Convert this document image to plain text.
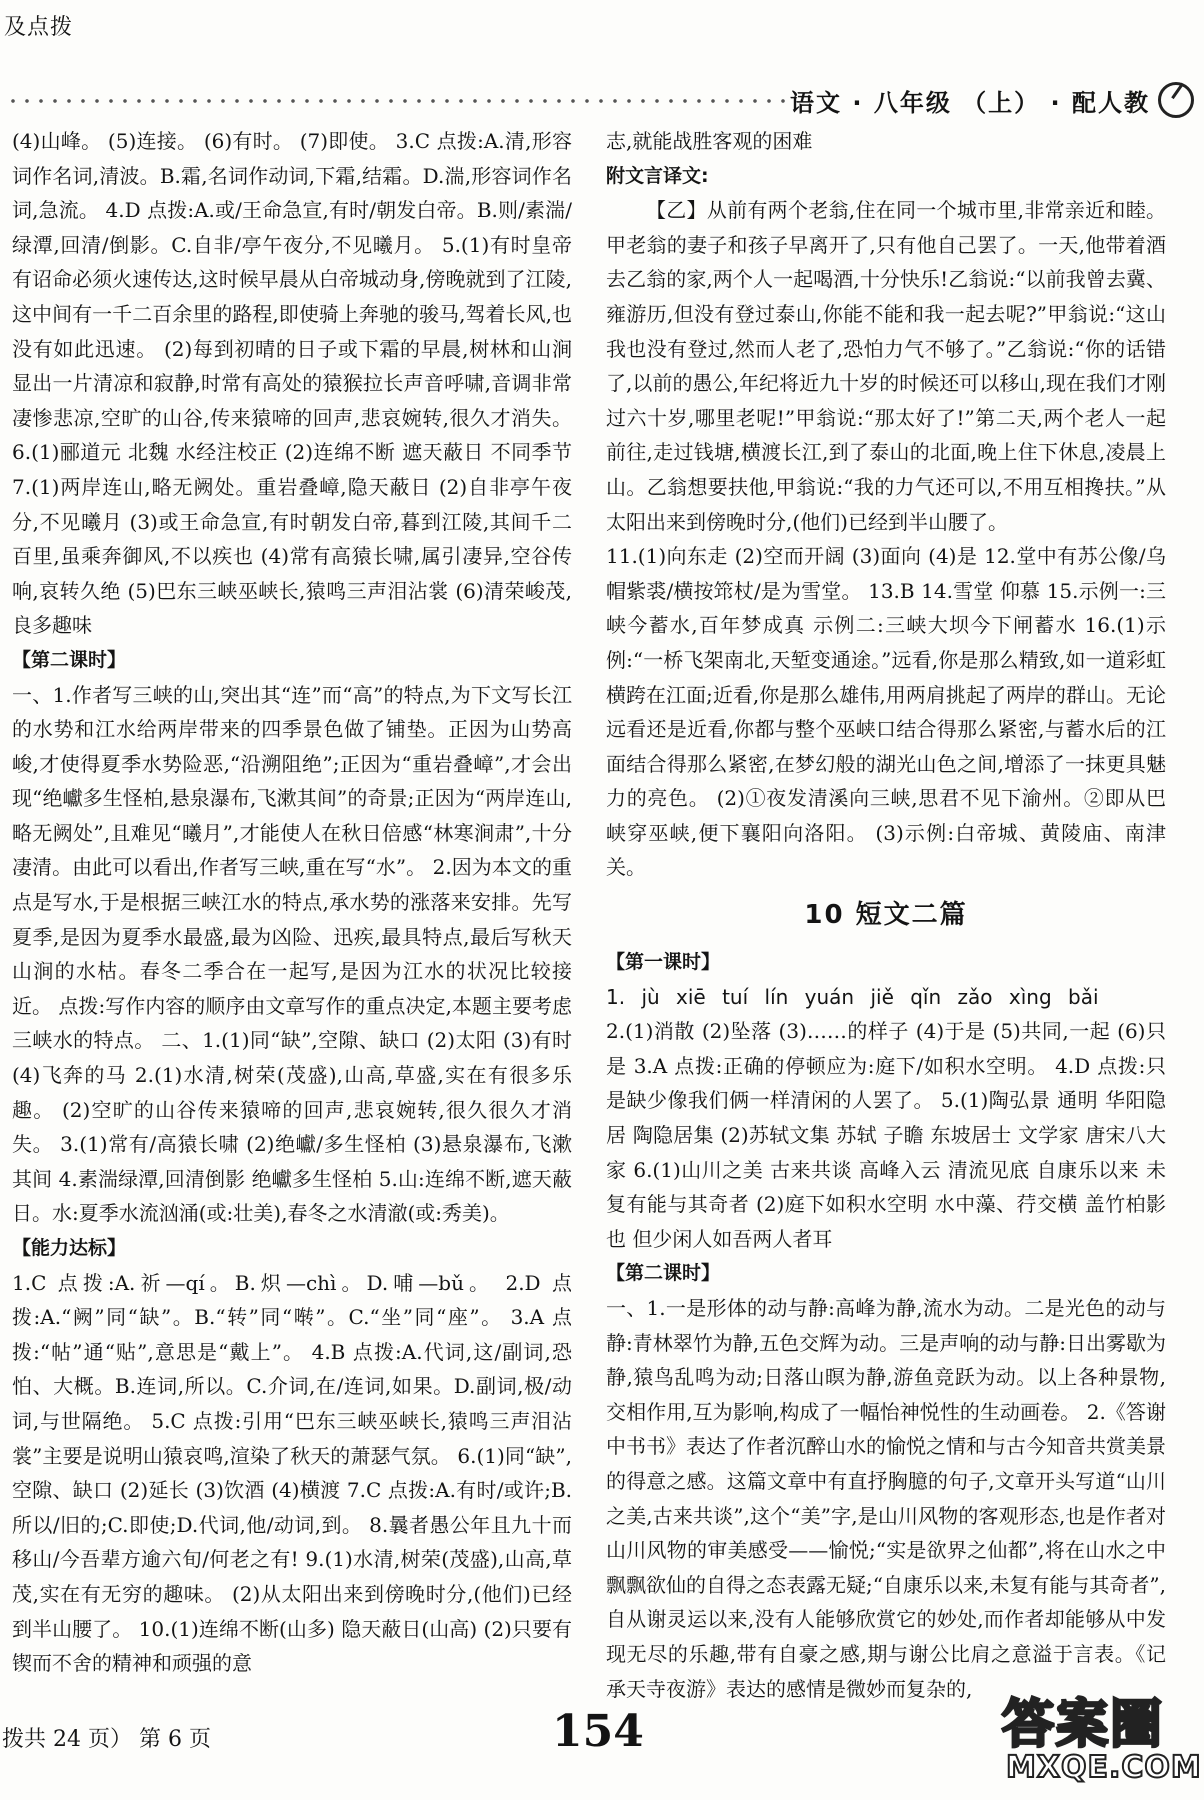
及点拨
语文 · 八年级 （上） · 配人教

(4)山峰。 (5)连接。 (6)有时。 (7)即使。 3.C 点拨:A.清,形容词作名词,清波。B.霜,名词作动词,下霜,结霜。D.湍,形容词作名词,急流。 4.D 点拨:A.或/王命急宣,有时/朝发白帝。B.则/素湍/绿潭,回清/倒影。C.自非/亭午夜分,不见曦月。 5.(1)有时皇帝有诏命必须火速传达,这时候早晨从白帝城动身,傍晚就到了江陵,这中间有一千二百余里的路程,即使骑上奔驰的骏马,驾着长风,也没有如此迅速。 (2)每到初晴的日子或下霜的早晨,树林和山涧显出一片清凉和寂静,时常有高处的猿猴拉长声音呼啸,音调非常凄惨悲凉,空旷的山谷,传来猿啼的回声,悲哀婉转,很久才消失。 6.(1)郦道元 北魏 水经注校正 (2)连绵不断 遮天蔽日 不同季节 7.(1)两岸连山,略无阙处。重岩叠嶂,隐天蔽日 (2)自非亭午夜分,不见曦月 (3)或王命急宣,有时朝发白帝,暮到江陵,其间千二百里,虽乘奔御风,不以疾也 (4)常有高猿长啸,属引凄异,空谷传响,哀转久绝 (5)巴东三峡巫峡长,猿鸣三声泪沾裳 (6)清荣峻茂,良多趣味

【第二课时】

一、1.作者写三峡的山,突出其“连”而“高”的特点,为下文写长江的水势和江水给两岸带来的四季景色做了铺垫。正因为山势高峻,才使得夏季水势险恶,“沿溯阻绝”;正因为“重岩叠嶂”,才会出现“绝巘多生怪柏,悬泉瀑布,飞漱其间”的奇景;正因为“两岸连山,略无阙处”,且难见“曦月”,才能使人在秋日倍感“林寒涧肃”,十分凄清。由此可以看出,作者写三峡,重在写“水”。 2.因为本文的重点是写水,于是根据三峡江水的特点,承水势的涨落来安排。先写夏季,是因为夏季水最盛,最为凶险、迅疾,最具特点,最后写秋天山涧的水枯。春冬二季合在一起写,是因为江水的状况比较接近。 点拨:写作内容的顺序由文章写作的重点决定,本题主要考虑三峡水的特点。 二、1.(1)同“缺”,空隙、缺口 (2)太阳 (3)有时 (4)飞奔的马 2.(1)水清,树荣(茂盛),山高,草盛,实在有很多乐趣。 (2)空旷的山谷传来猿啼的回声,悲哀婉转,很久很久才消失。 3.(1)常有/高猿长啸 (2)绝巘/多生怪柏 (3)悬泉瀑布,飞漱其间 4.素湍绿潭,回清倒影 绝巘多生怪柏 5.山:连绵不断,遮天蔽日。水:夏季水流汹涌(或:壮美),春冬之水清澈(或:秀美)。

【能力达标】

1.C 点拨:A.祈—qí。B.炽—chì。D.哺—bǔ。 2.D 点拨:A.“阙”同“缺”。B.“转”同“啭”。C.“坐”同“座”。 3.A 点拨:“帖”通“贴”,意思是“戴上”。 4.B 点拨:A.代词,这/副词,恐怕、大概。B.连词,所以。C.介词,在/连词,如果。D.副词,极/动词,与世隔绝。 5.C 点拨:引用“巴东三峡巫峡长,猿鸣三声泪沾裳”主要是说明山猿哀鸣,渲染了秋天的萧瑟气氛。 6.(1)同“缺”,空隙、缺口 (2)延长 (3)饮酒 (4)横渡 7.C 点拨:A.有时/或许;B.所以/旧的;C.即使;D.代词,他/动词,到。 8.曩者愚公年且九十而移山/今吾辈方逾六旬/何老之有! 9.(1)水清,树荣(茂盛),山高,草茂,实在有无穷的趣味。 (2)从太阳出来到傍晚时分,(他们)已经到半山腰了。 10.(1)连绵不断(山多) 隐天蔽日(山高) (2)只要有锲而不舍的精神和顽强的意

志,就能战胜客观的困难

附文言译文:

【乙】从前有两个老翁,住在同一个城市里,非常亲近和睦。甲老翁的妻子和孩子早离开了,只有他自己罢了。一天,他带着酒去乙翁的家,两个人一起喝酒,十分快乐!乙翁说:“以前我曾去冀、雍游历,但没有登过泰山,你能不能和我一起去呢?”甲翁说:“这山我也没有登过,然而人老了,恐怕力气不够了。”乙翁说:“你的话错了,以前的愚公,年纪将近九十岁的时候还可以移山,现在我们才刚过六十岁,哪里老呢!”甲翁说:“那太好了!”第二天,两个老人一起前往,走过钱塘,横渡长江,到了泰山的北面,晚上住下休息,凌晨上山。乙翁想要扶他,甲翁说:“我的力气还可以,不用互相搀扶。”从太阳出来到傍晚时分,(他们)已经到半山腰了。

11.(1)向东走 (2)空而开阔 (3)面向 (4)是 12.堂中有苏公像/乌帽紫裘/横按筇杖/是为雪堂。 13.B 14.雪堂 仰慕 15.示例一:三峡今蓄水,百年梦成真 示例二:三峡大坝今下闸蓄水 16.(1)示例:“一桥飞架南北,天堑变通途。”远看,你是那么精致,如一道彩虹横跨在江面;近看,你是那么雄伟,用两肩挑起了两岸的群山。无论远看还是近看,你都与整个巫峡口结合得那么紧密,与蓄水后的江面结合得那么紧密,在梦幻般的湖光山色之间,增添了一抹更具魅力的亮色。 (2)①夜发清溪向三峡,思君不见下渝州。②即从巴峡穿巫峡,便下襄阳向洛阳。 (3)示例:白帝城、黄陵庙、南津关。

10 短文二篇

【第一课时】

1. jù xiē tuí lín yuán jiě qǐn zǎo xìng bǎi

2.(1)消散 (2)坠落 (3)……的样子 (4)于是 (5)共同,一起 (6)只是 3.A 点拨:正确的停顿应为:庭下/如积水空明。 4.D 点拨:只是缺少像我们俩一样清闲的人罢了。 5.(1)陶弘景 通明 华阳隐居 陶隐居集 (2)苏轼文集 苏轼 子瞻 东坡居士 文学家 唐宋八大家 6.(1)山川之美 古来共谈 高峰入云 清流见底 自康乐以来 未复有能与其奇者 (2)庭下如积水空明 水中藻、荇交横 盖竹柏影也 但少闲人如吾两人者耳

【第二课时】

一、1.一是形体的动与静:高峰为静,流水为动。二是光色的动与静:青林翠竹为静,五色交辉为动。三是声响的动与静:日出雾歇为静,猿鸟乱鸣为动;日落山暝为静,游鱼竞跃为动。以上各种景物,交相作用,互为影响,构成了一幅怡神悦性的生动画卷。 2.《答谢中书书》表达了作者沉醉山水的愉悦之情和与古今知音共赏美景的得意之感。这篇文章中有直抒胸臆的句子,文章开头写道“山川之美,古来共谈”,这个“美”字,是山川风物的客观形态,也是作者对山川风物的审美感受——愉悦;“实是欲界之仙都”,将在山水之中飘飘欲仙的自得之态表露无疑;“自康乐以来,未复有能与其奇者”,自从谢灵运以来,没有人能够欣赏它的妙处,而作者却能够从中发现无尽的乐趣,带有自豪之感,期与谢公比肩之意溢于言表。《记承天寺夜游》表达的感情是微妙而复杂的,

拨共 24 页） 第 6 页	154	答案圈
MXQE.COM
